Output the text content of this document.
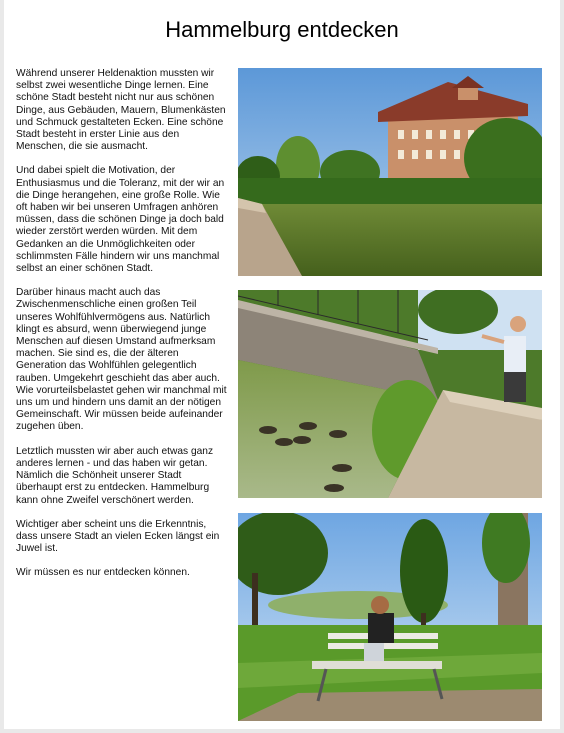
Hammelburg entdecken

Während unserer Heldenaktion mussten wir selbst zwei wesentliche Dinge lernen. Eine schöne Stadt besteht nicht nur aus schönen Dinge, aus Gebäuden, Mauern, Blumenkästen und Schmuck gestalteten Ecken. Eine schöne Stadt besteht in erster Linie aus den Menschen, die sie ausmacht.

Und dabei spielt die Motivation, der Enthusiasmus und die Toleranz, mit der wir an die Dinge herangehen, eine große Rolle. Wie oft haben wir bei unseren Umfragen anhören müssen, dass die schönen Dinge ja doch bald wieder zerstört werden würden. Mit dem Gedanken an die Unmöglichkeiten oder schlimmsten Fälle hindern wir uns manchmal selbst an einer schönen Stadt.

Darüber hinaus macht auch das Zwischenmenschliche einen großen Teil unseres Wohlfühlvermögens aus. Natürlich klingt es absurd, wenn überwiegend junge Menschen auf diesen Umstand aufmerksam machen. Sie sind es, die der älteren Generation das Wohlfühlen gelegentlich rauben. Umgekehrt geschieht das aber auch. Wie vorurteilsbelastet gehen wir manchmal mit uns um und hindern uns damit an der nötigen Gemeinschaft. Wir müssen beide aufeinander zugehen üben.

Letztlich mussten wir aber auch etwas ganz anderes lernen - und das haben wir getan. Nämlich die Schönheit unserer Stadt überhaupt erst zu entdecken. Hammelburg kann ohne Zweifel verschönert werden.

Wichtiger aber scheint uns die Erkenntnis, dass unsere Stadt an vielen Ecken längst ein Juwel ist.

Wir müssen es nur entdecken können.
